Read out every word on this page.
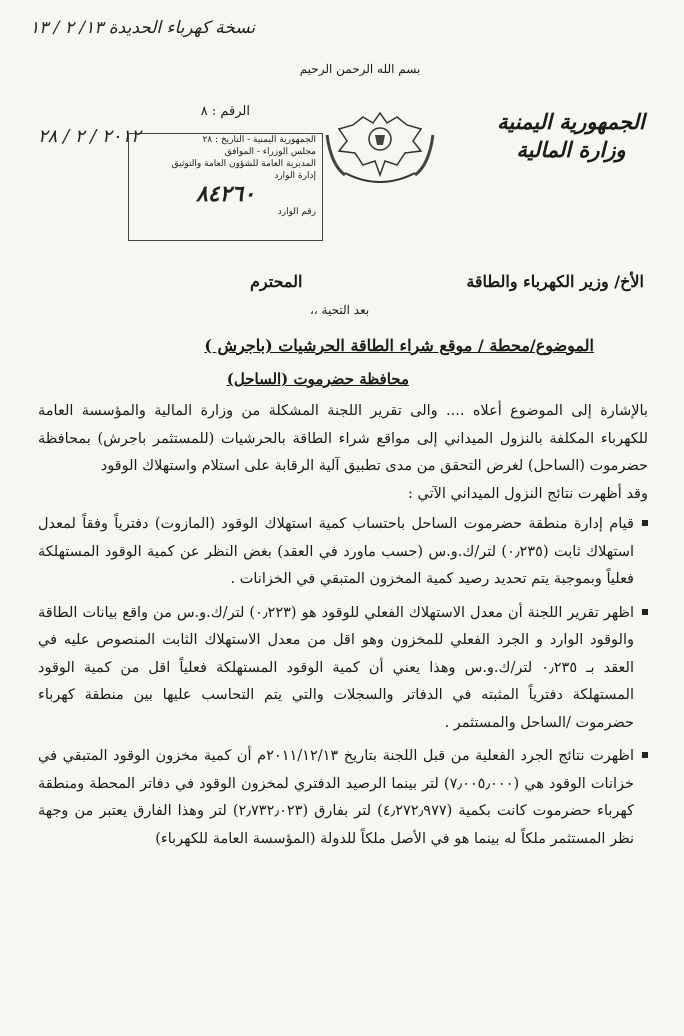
نسخة كهرباء الحديدة ١٣/ ٢ / ١٣
بسم الله الرحمن الرحيم
الجمهورية اليمنية
وزارة المالية
الرقم : ٨
٢٠١٢ / ٢ / ٢٨	الجمهورية اليمنية - التاريخ : ٢٨
مجلس الوزراء - الموافق
المديرية العامة للشؤون العامة والتوثيق
إدارة الوارد
٨٤٢٦٠
رقم الوارد
الأخ/ وزير الكهرباء والطاقة
المحترم
بعد التحية ،،
الموضوع/محطة / موقع شراء الطاقة الحرشيات (باجرش )
محافظة حضرموت (الساحل)

بالإشارة إلى الموضوع أعلاه .... والى تقرير اللجنة المشكلة من وزارة المالية والمؤسسة العامة للكهرباء المكلفة بالنزول الميداني إلى مواقع شراء الطاقة بالحرشيات (للمستثمر باجرش) بمحافظة حضرموت (الساحل) لغرض التحقق من مدى تطبيق آلية الرقابة على استلام واستهلاك الوقود

وقد أظهرت نتائج النزول الميداني الآتي :

قيام إدارة منطقة حضرموت الساحل باحتساب كمية استهلاك الوقود (المازوت) دفترياً وفقاً لمعدل استهلاك ثابت (٠٫٢٣٥) لتر/ك.و.س (حسب ماورد في العقد) بغض النظر عن كمية الوقود المستهلكة فعلياً وبموجبة يتم تحديد رصيد كمية المخزون المتبقي في الخزانات .
اظهر تقرير اللجنة أن معدل الاستهلاك الفعلي للوقود هو (٠٫٢٢٣) لتر/ك.و.س من واقع بيانات الطاقة والوقود الوارد و الجرد الفعلي للمخزون وهو اقل من معدل الاستهلاك الثابت المنصوص عليه في العقد بـ ٠٫٢٣٥ لتر/ك.و.س وهذا يعني أن كمية الوقود المستهلكة فعلياً اقل من كمية الوقود المستهلكة دفترياً المثبته في الدفاتر والسجلات والتي يتم التحاسب عليها بين منطقة كهرباء حضرموت /الساحل والمستثمر .
اظهرت نتائج الجرد الفعلية من قبل اللجنة بتاريخ ٢٠١١/١٢/١٣م أن كمية مخزون الوقود المتبقي في خزانات الوقود هي (٧٫٠٠٥٫٠٠٠) لتر بينما الرصيد الدفتري لمخزون الوقود في دفاتر المحطة ومنطقة كهرباء حضرموت كانت بكمية (٤٫٢٧٢٫٩٧٧) لتر بفارق (٢٫٧٣٢٫٠٢٣) لتر وهذا الفارق يعتبر من وجهة نظر المستثمر ملكاً له بينما هو في الأصل ملكاً للدولة (المؤسسة العامة للكهرباء)
